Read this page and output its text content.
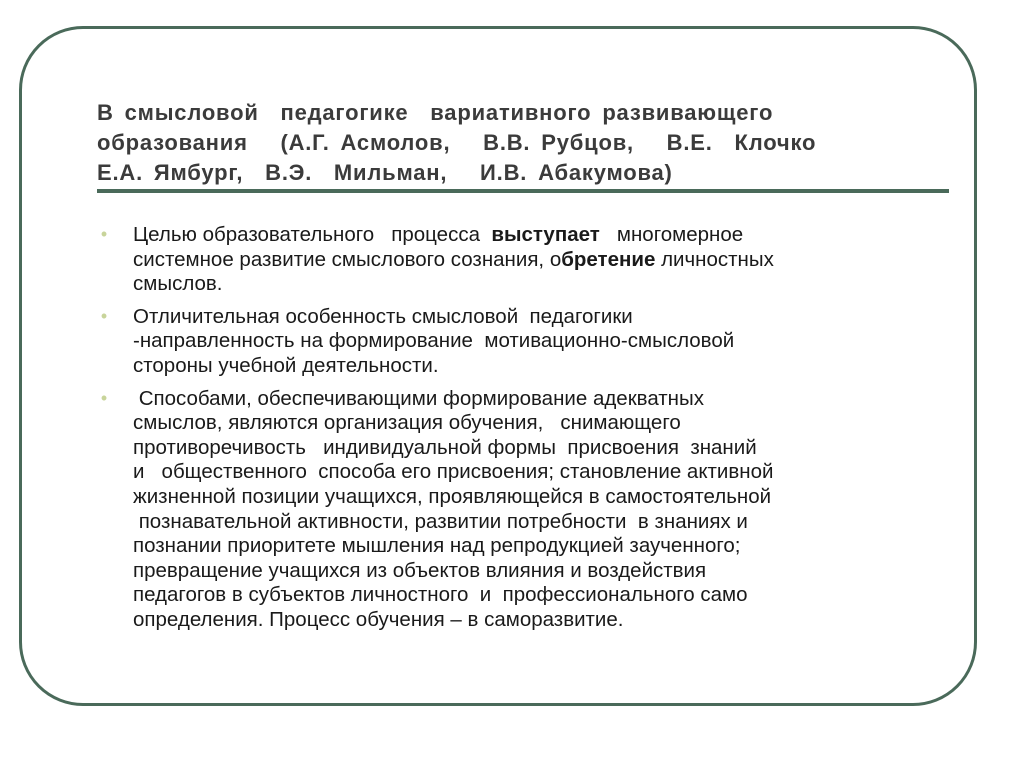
В смысловой  педагогике  вариативного развивающего
образования   (А.Г. Асмолов,   В.В. Рубцов,   В.Е.  Клочко
Е.А. Ямбург,  В.Э.  Мильман,   И.В. Абакумова)
• Целью образовательного   процесса  выступает   многомерное
системное развитие смыслового сознания, обретение личностных
смыслов.
• Отличительная особенность смысловой  педагогики
-направленность на формирование  мотивационно-смысловой
стороны учебной деятельности.
• Способами, обеспечивающими формирование адекватных
смыслов, являются организация обучения,   снимающего
противоречивость   индивидуальной формы  присвоения  знаний
и   общественного  способа его присвоения; становление активной
жизненной позиции учащихся, проявляющейся в самостоятельной
познавательной активности, развитии потребности  в знаниях и
познании приоритете мышления над репродукцией заученного;
превращение учащихся из объектов влияния и воздействия
педагогов в субъектов личностного  и  профессионального само
определения. Процесс обучения – в саморазвитие.
